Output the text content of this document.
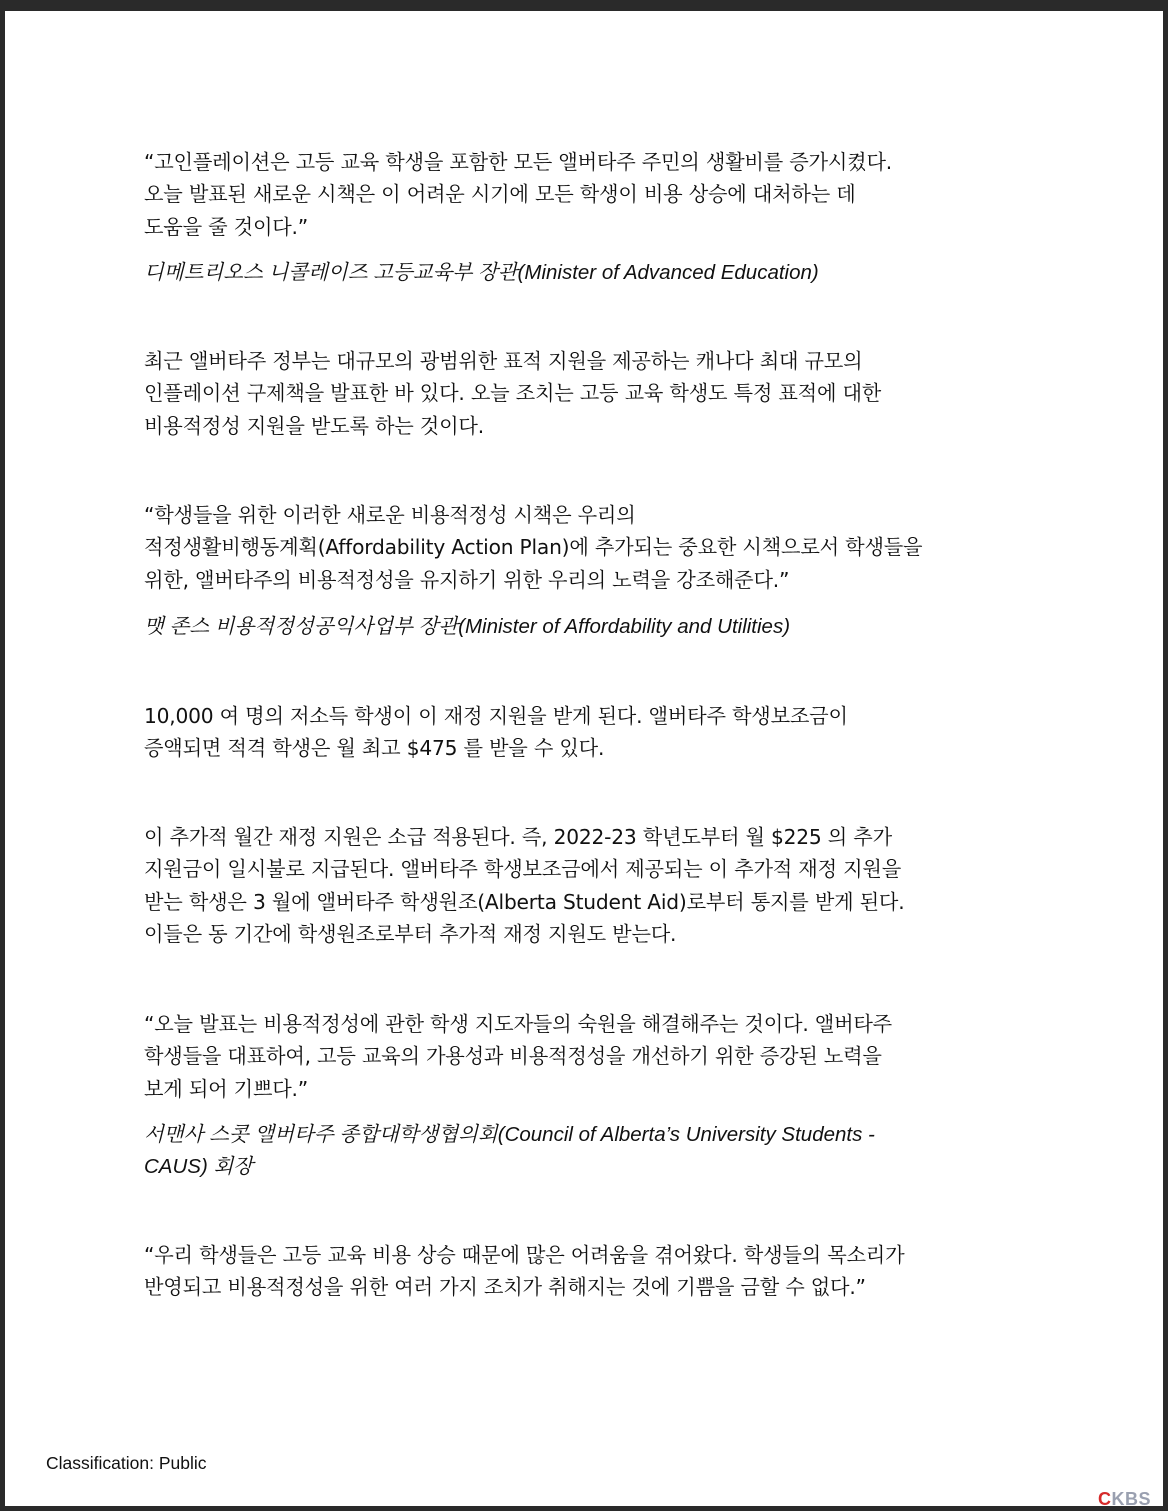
“고인플레이션은 고등 교육 학생을 포함한 모든 앨버타주 주민의 생활비를 증가시켰다.
오늘 발표된 새로운 시책은 이 어려운 시기에 모든 학생이 비용 상승에 대처하는 데
도움을 줄 것이다.”
디메트리오스 니콜레이즈 고등교육부 장관(Minister of Advanced Education)
최근 앨버타주 정부는 대규모의 광범위한 표적 지원을 제공하는 캐나다 최대 규모의
인플레이션 구제책을 발표한 바 있다. 오늘 조치는 고등 교육 학생도 특정 표적에 대한
비용적정성 지원을 받도록 하는 것이다.
“학생들을 위한 이러한 새로운 비용적정성 시책은 우리의
적정생활비행동계획(Affordability Action Plan)에 추가되는 중요한 시책으로서 학생들을
위한, 앨버타주의 비용적정성을 유지하기 위한 우리의 노력을 강조해준다.”
맷 존스 비용적정성공익사업부 장관(Minister of Affordability and Utilities)
10,000 여 명의 저소득 학생이 이 재정 지원을 받게 된다. 앨버타주 학생보조금이
증액되면 적격 학생은 월 최고 $475 를 받을 수 있다.
이 추가적 월간 재정 지원은 소급 적용된다. 즉, 2022-23 학년도부터 월 $225 의 추가
지원금이 일시불로 지급된다. 앨버타주 학생보조금에서 제공되는 이 추가적 재정 지원을
받는 학생은 3 월에 앨버타주 학생원조(Alberta Student Aid)로부터 통지를 받게 된다.
이들은 동 기간에 학생원조로부터 추가적 재정 지원도 받는다.
“오늘 발표는 비용적정성에 관한 학생 지도자들의 숙원을 해결해주는 것이다. 앨버타주
학생들을 대표하여, 고등 교육의 가용성과 비용적정성을 개선하기 위한 증강된 노력을
보게 되어 기쁘다.”
서맨사 스콧 앨버타주 종합대학생협의회(Council of Alberta’s University Students -
CAUS) 회장
“우리 학생들은 고등 교육 비용 상승 때문에 많은 어려움을 겪어왔다. 학생들의 목소리가
반영되고 비용적정성을 위한 여러 가지 조치가 취해지는 것에 기쁨을 금할 수 없다.”
Classification: Public
CKBS
